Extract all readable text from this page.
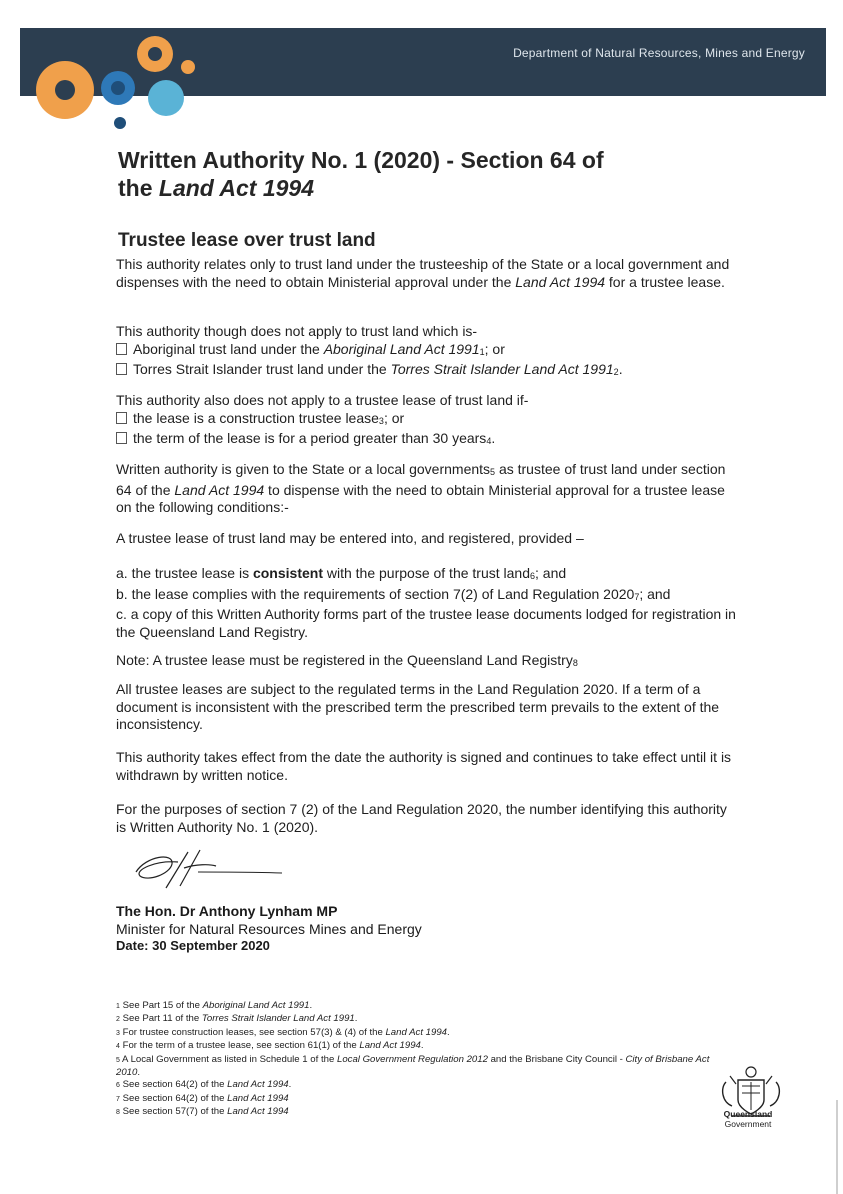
Department of Natural Resources, Mines and Energy
Written Authority No. 1 (2020) - Section 64 of
the Land Act 1994
Trustee lease over trust land
This authority relates only to trust land under the trusteeship of the State or a local government and dispenses with the need to obtain Ministerial approval under the Land Act 1994 for a trustee lease.
This authority though does not apply to trust land which is-
Aboriginal trust land under the Aboriginal Land Act $1991_1$; or
Torres Strait Islander trust land under the Torres Strait Islander Land Act $1991_2$.
This authority also does not apply to a trustee lease of trust land if-
the lease is a construction trustee lease$_3$; or
the term of the lease is for a period greater than 30 years$_4$.
Written authority is given to the State or a local governments$_5$ as trustee of trust land under section 64 of the Land Act 1994 to dispense with the need to obtain Ministerial approval for a trustee lease on the following conditions:-
A trustee lease of trust land may be entered into, and registered, provided –
a. the trustee lease is consistent with the purpose of the trust land$_6$; and
b. the lease complies with the requirements of section 7(2) of Land Regulation $2020_7$; and
c. a copy of this Written Authority forms part of the trustee lease documents lodged for registration in the Queensland Land Registry.
Note: A trustee lease must be registered in the Queensland Land Registry$_8$
All trustee leases are subject to the regulated terms in the Land Regulation 2020. If a term of a document is inconsistent with the prescribed term the prescribed term prevails to the extent of the inconsistency.
This authority takes effect from the date the authority is signed and continues to take effect until it is withdrawn by written notice.
For the purposes of section 7 (2) of the Land Regulation 2020, the number identifying this authority is Written Authority No. 1 (2020).
The Hon. Dr Anthony Lynham MP
Minister for Natural Resources Mines and Energy
Date: 30 September 2020
1 See Part 15 of the Aboriginal Land Act 1991.
2 See Part 11 of the Torres Strait Islander Land Act 1991.
3 For trustee construction leases, see section 57(3) & (4) of the Land Act 1994.
4 For the term of a trustee lease, see section 61(1) of the Land Act 1994.
5 A Local Government as listed in Schedule 1 of the Local Government Regulation 2012 and the Brisbane City Council - City of Brisbane Act 2010.
6 See section 64(2) of the Land Act 1994.
7 See section 64(2) of the Land Act 1994
8 See section 57(7) of the Land Act 1994	Queensland
Government
